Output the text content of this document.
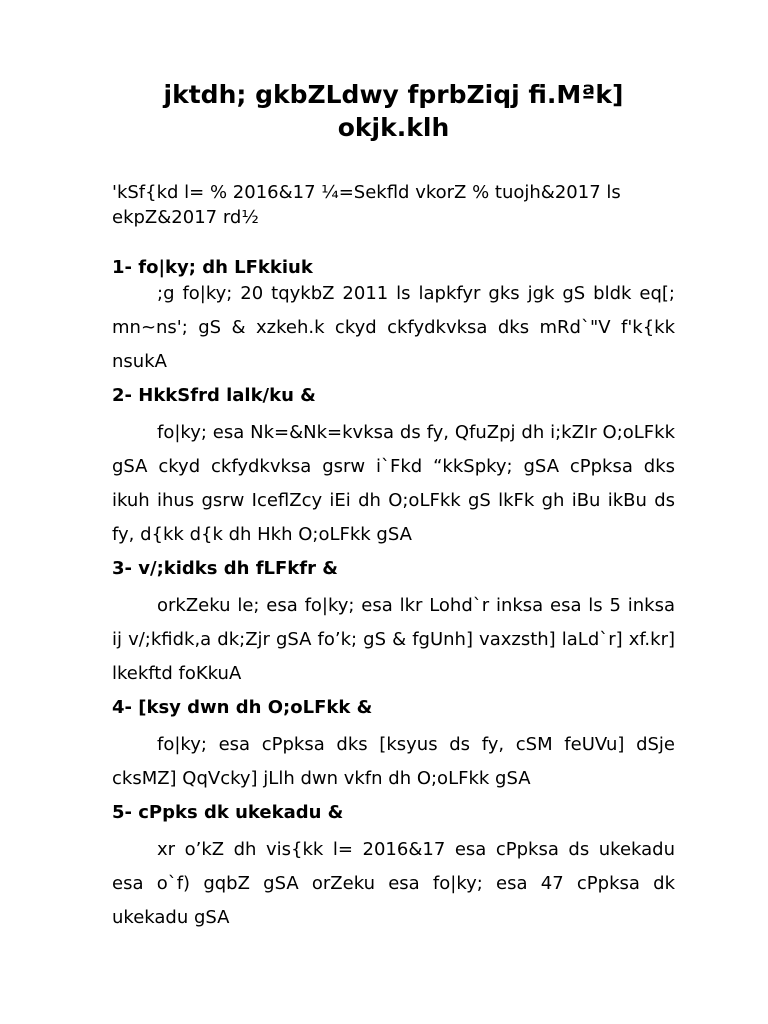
jktdh; gkbZLdwy fprbZiqj fi.Mªk]
okjk.klh
'kSf{kd l= % 2016&17 ¼=Sekfld vkorZ % tuojh&2017 ls ekpZ&2017 rd½
1- fo|ky; dh LFkkiuk

;g fo|ky; 20 tqykbZ 2011 ls lapkfyr gks jgk gS bldk eq[; mn~ns'; gS & xzkeh.k ckyd ckfydkvksa dks mRd`"V f'k{kk nsukA

2- HkkSfrd lalk/ku &

fo|ky; esa Nk=&Nk=kvksa ds fy, QfuZpj dh i;kZIr O;oLFkk gSA ckyd ckfydkvksa gsrw i`Fkd “kkSpky; gSA cPpksa dks ikuh ihus gsrw IceflZcy iEi dh O;oLFkk gS lkFk gh iBu ikBu ds fy, d{kk d{k dh Hkh O;oLFkk gSA

3- v/;kidks dh fLFkfr &

orkZeku le; esa fo|ky; esa lkr Lohd`r inksa esa ls 5 inksa ij v/;kfidk,a dk;Zjr gSA fo’k; gS & fgUnh] vaxzsth] laLd`r] xf.kr] lkekftd foKkuA

4- [ksy dwn dh O;oLFkk &

fo|ky; esa cPpksa dks [ksyus ds fy, cSM feUVu] dSje cksMZ] QqVcky] jLlh dwn vkfn dh O;oLFkk gSA

5- cPpks dk ukekadu &

xr o’kZ dh vis{kk l= 2016&17 esa cPpksa ds ukekadu esa o`f) gqbZ gSA orZeku esa fo|ky; esa 47 cPpksa dk ukekadu gSA
